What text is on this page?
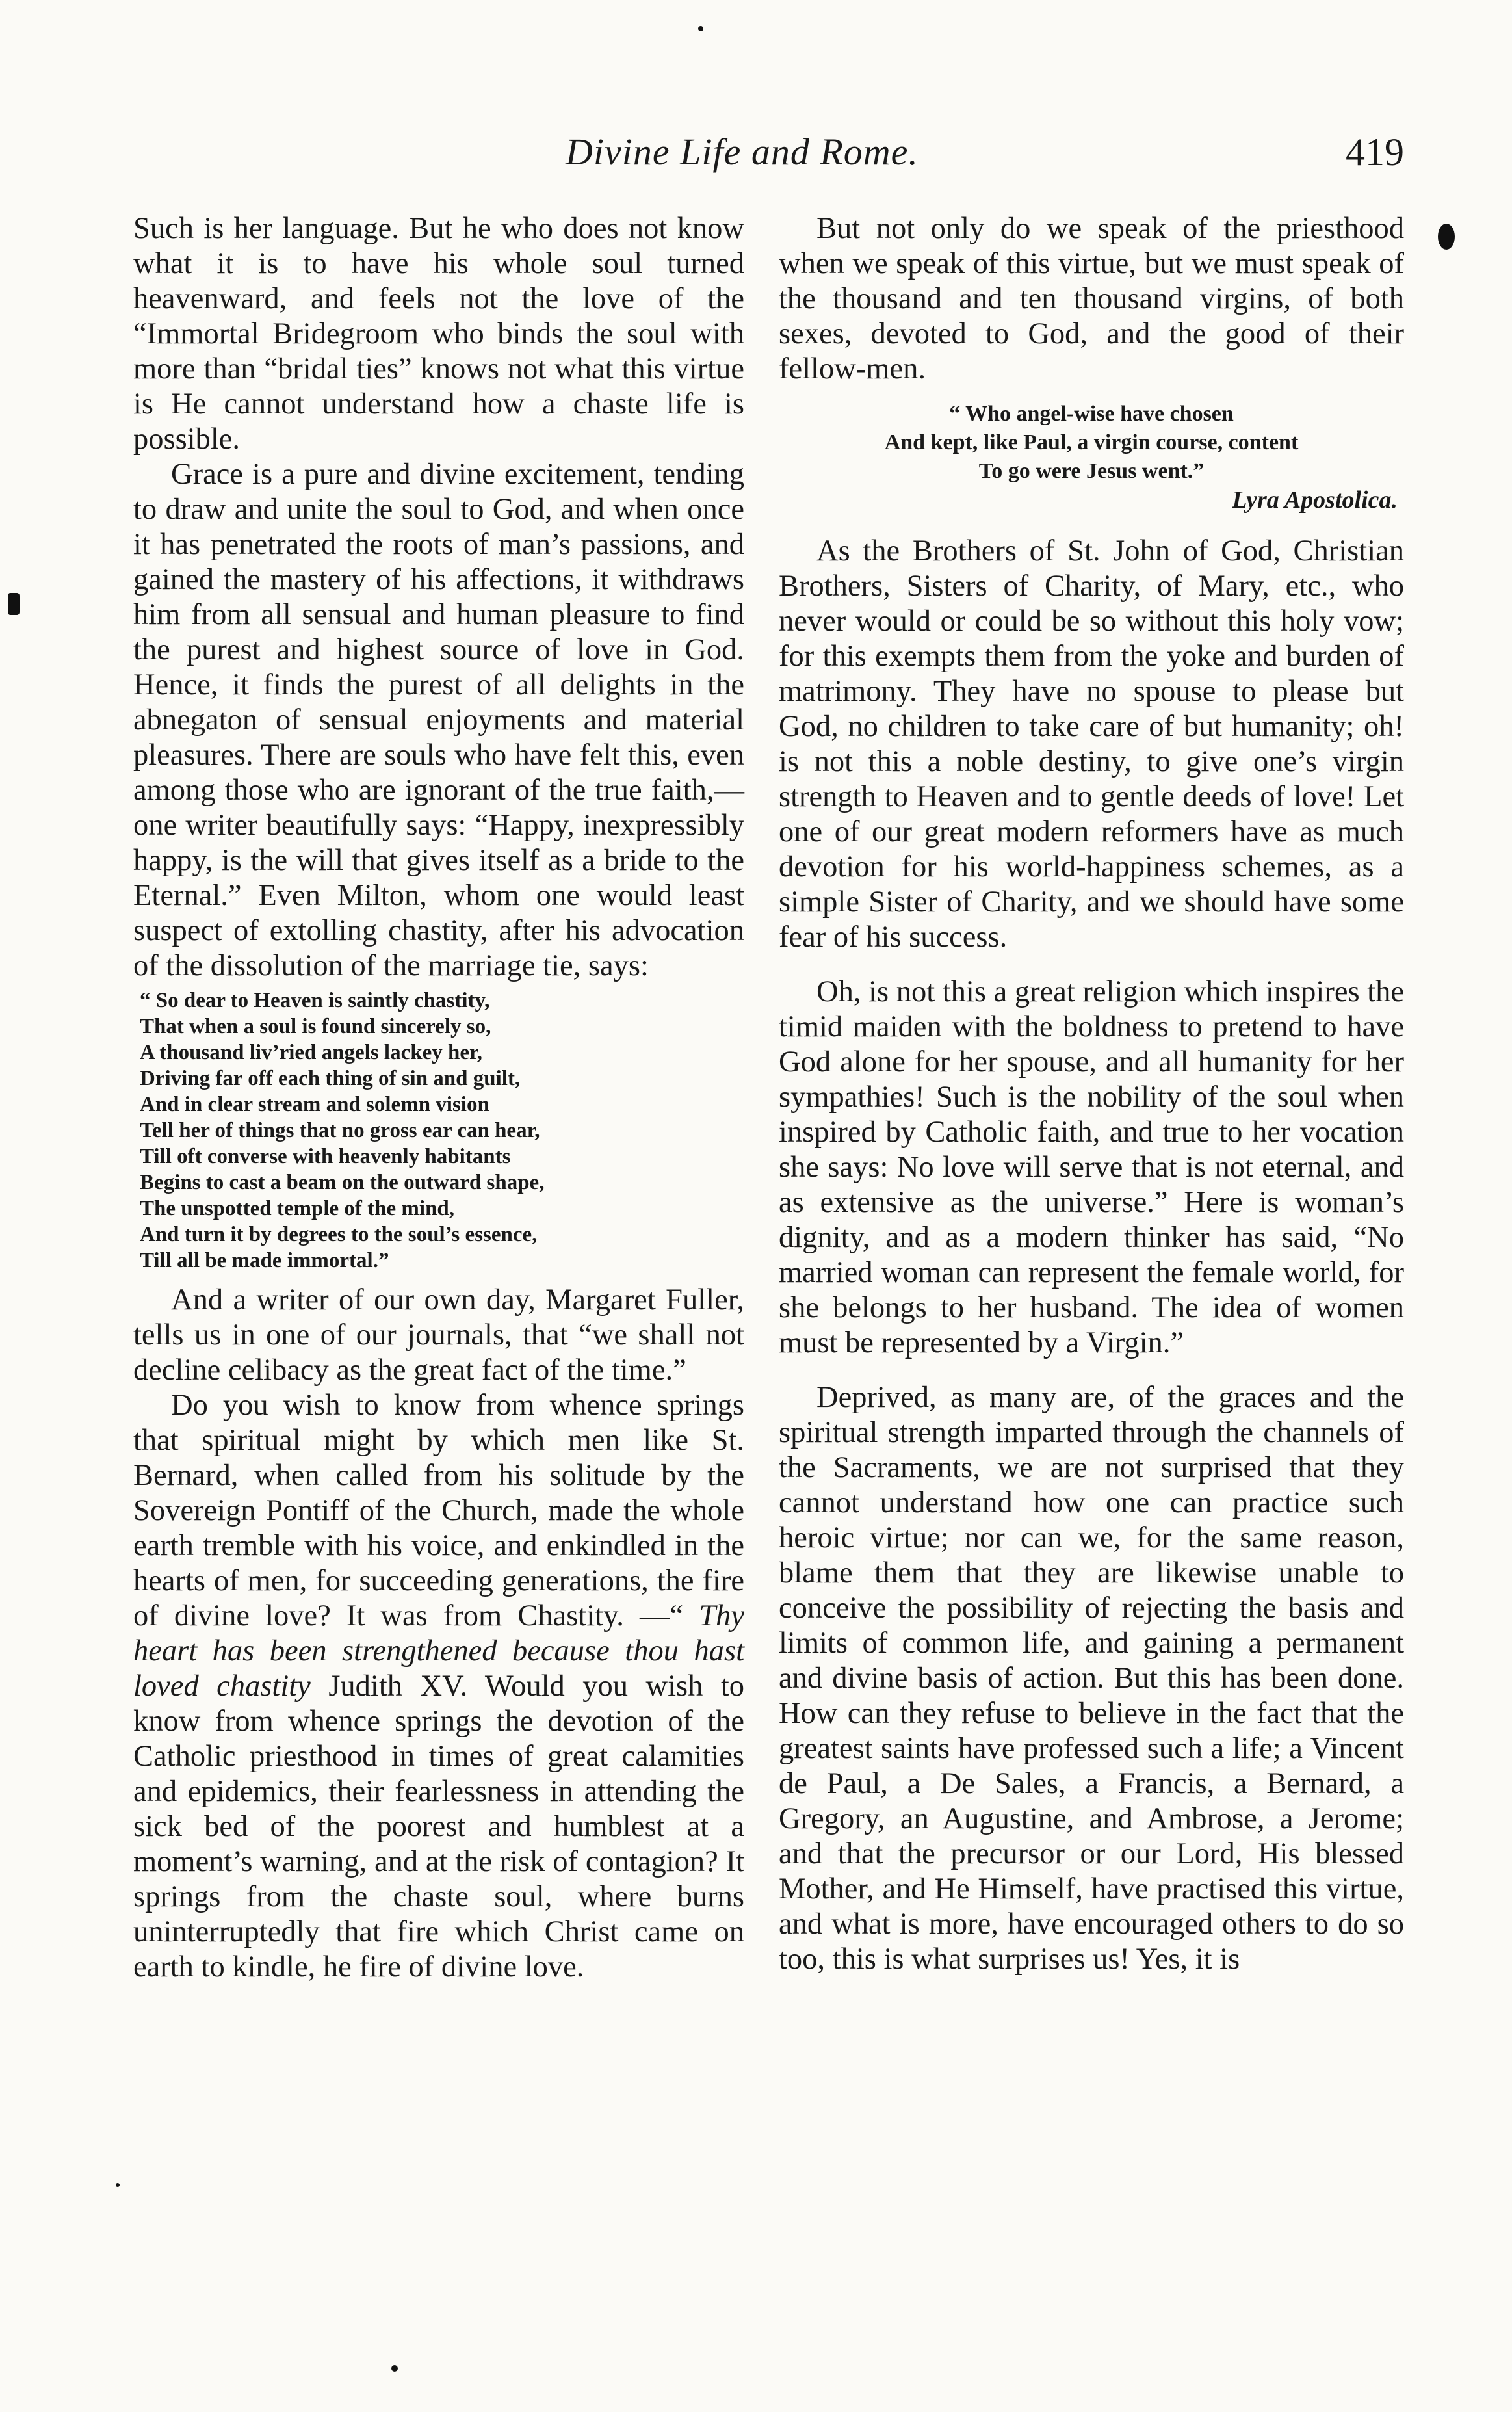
Divine Life and Rome.	419

Such is her language. But he who does not know what it is to have his whole soul turned heavenward, and feels not the love of the “Immortal Bridegroom who binds the soul with more than “bridal ties” knows not what this virtue is He cannot understand how a chaste life is possible.

Grace is a pure and divine excitement, tending to draw and unite the soul to God, and when once it has penetrated the roots of man’s passions, and gained the mastery of his affections, it withdraws him from all sensual and human pleasure to find the purest and highest source of love in God. Hence, it finds the purest of all delights in the abnegaton of sensual enjoyments and material pleasures. There are souls who have felt this, even among those who are ignorant of the true faith,—one writer beautifully says: “Happy, inexpressibly happy, is the will that gives itself as a bride to the Eternal.” Even Milton, whom one would least suspect of extolling chastity, after his advocation of the dissolution of the marriage tie, says:

“ So dear to Heaven is saintly chastity,
That when a soul is found sincerely so,
A thousand liv’ried angels lackey her,
Driving far off each thing of sin and guilt,
And in clear stream and solemn vision
Tell her of things that no gross ear can hear,
Till oft converse with heavenly habitants
Begins to cast a beam on the outward shape,
The unspotted temple of the mind,
And turn it by degrees to the soul’s essence,
Till all be made immortal.”

And a writer of our own day, Margaret Fuller, tells us in one of our journals, that “we shall not decline celibacy as the great fact of the time.”

Do you wish to know from whence springs that spiritual might by which men like St. Bernard, when called from his solitude by the Sovereign Pontiff of the Church, made the whole earth tremble with his voice, and enkindled in the hearts of men, for succeeding generations, the fire of divine love? It was from Chastity. —“ Thy heart has been strengthened because thou hast loved chastity Judith XV. Would you wish to know from whence springs the devotion of the Catholic priesthood in times of great calamities and epidemics, their fearlessness in attending the sick bed of the poorest and humblest at a moment’s warning, and at the risk of contagion? It springs from the chaste soul, where burns uninterruptedly that fire which Christ came on earth to kindle, he fire of divine love.

But not only do we speak of the priesthood when we speak of this virtue, but we must speak of the thousand and ten thousand virgins, of both sexes, devoted to God, and the good of their fellow-men.

“ Who angel-wise have chosen
And kept, like Paul, a virgin course, content
To go were Jesus went.”
Lyra Apostolica.

As the Brothers of St. John of God, Christian Brothers, Sisters of Charity, of Mary, etc., who never would or could be so without this holy vow; for this exempts them from the yoke and burden of matrimony. They have no spouse to please but God, no children to take care of but humanity; oh! is not this a noble destiny, to give one’s virgin strength to Heaven and to gentle deeds of love! Let one of our great modern reformers have as much devotion for his world-happiness schemes, as a simple Sister of Charity, and we should have some fear of his success.

Oh, is not this a great religion which inspires the timid maiden with the boldness to pretend to have God alone for her spouse, and all humanity for her sympathies! Such is the nobility of the soul when inspired by Catholic faith, and true to her vocation she says: No love will serve that is not eternal, and as extensive as the universe.” Here is woman’s dignity, and as a modern thinker has said, “No married woman can represent the female world, for she belongs to her husband. The idea of women must be represented by a Virgin.”

Deprived, as many are, of the graces and the spiritual strength imparted through the channels of the Sacraments, we are not surprised that they cannot understand how one can practice such heroic virtue; nor can we, for the same reason, blame them that they are likewise unable to conceive the possibility of rejecting the basis and limits of common life, and gaining a permanent and divine basis of action. But this has been done. How can they refuse to believe in the fact that the greatest saints have professed such a life; a Vincent de Paul, a De Sales, a Francis, a Bernard, a Gregory, an Augustine, and Ambrose, a Jerome; and that the precursor or our Lord, His blessed Mother, and He Himself, have practised this virtue, and what is more, have encouraged others to do so too, this is what surprises us! Yes, it is
